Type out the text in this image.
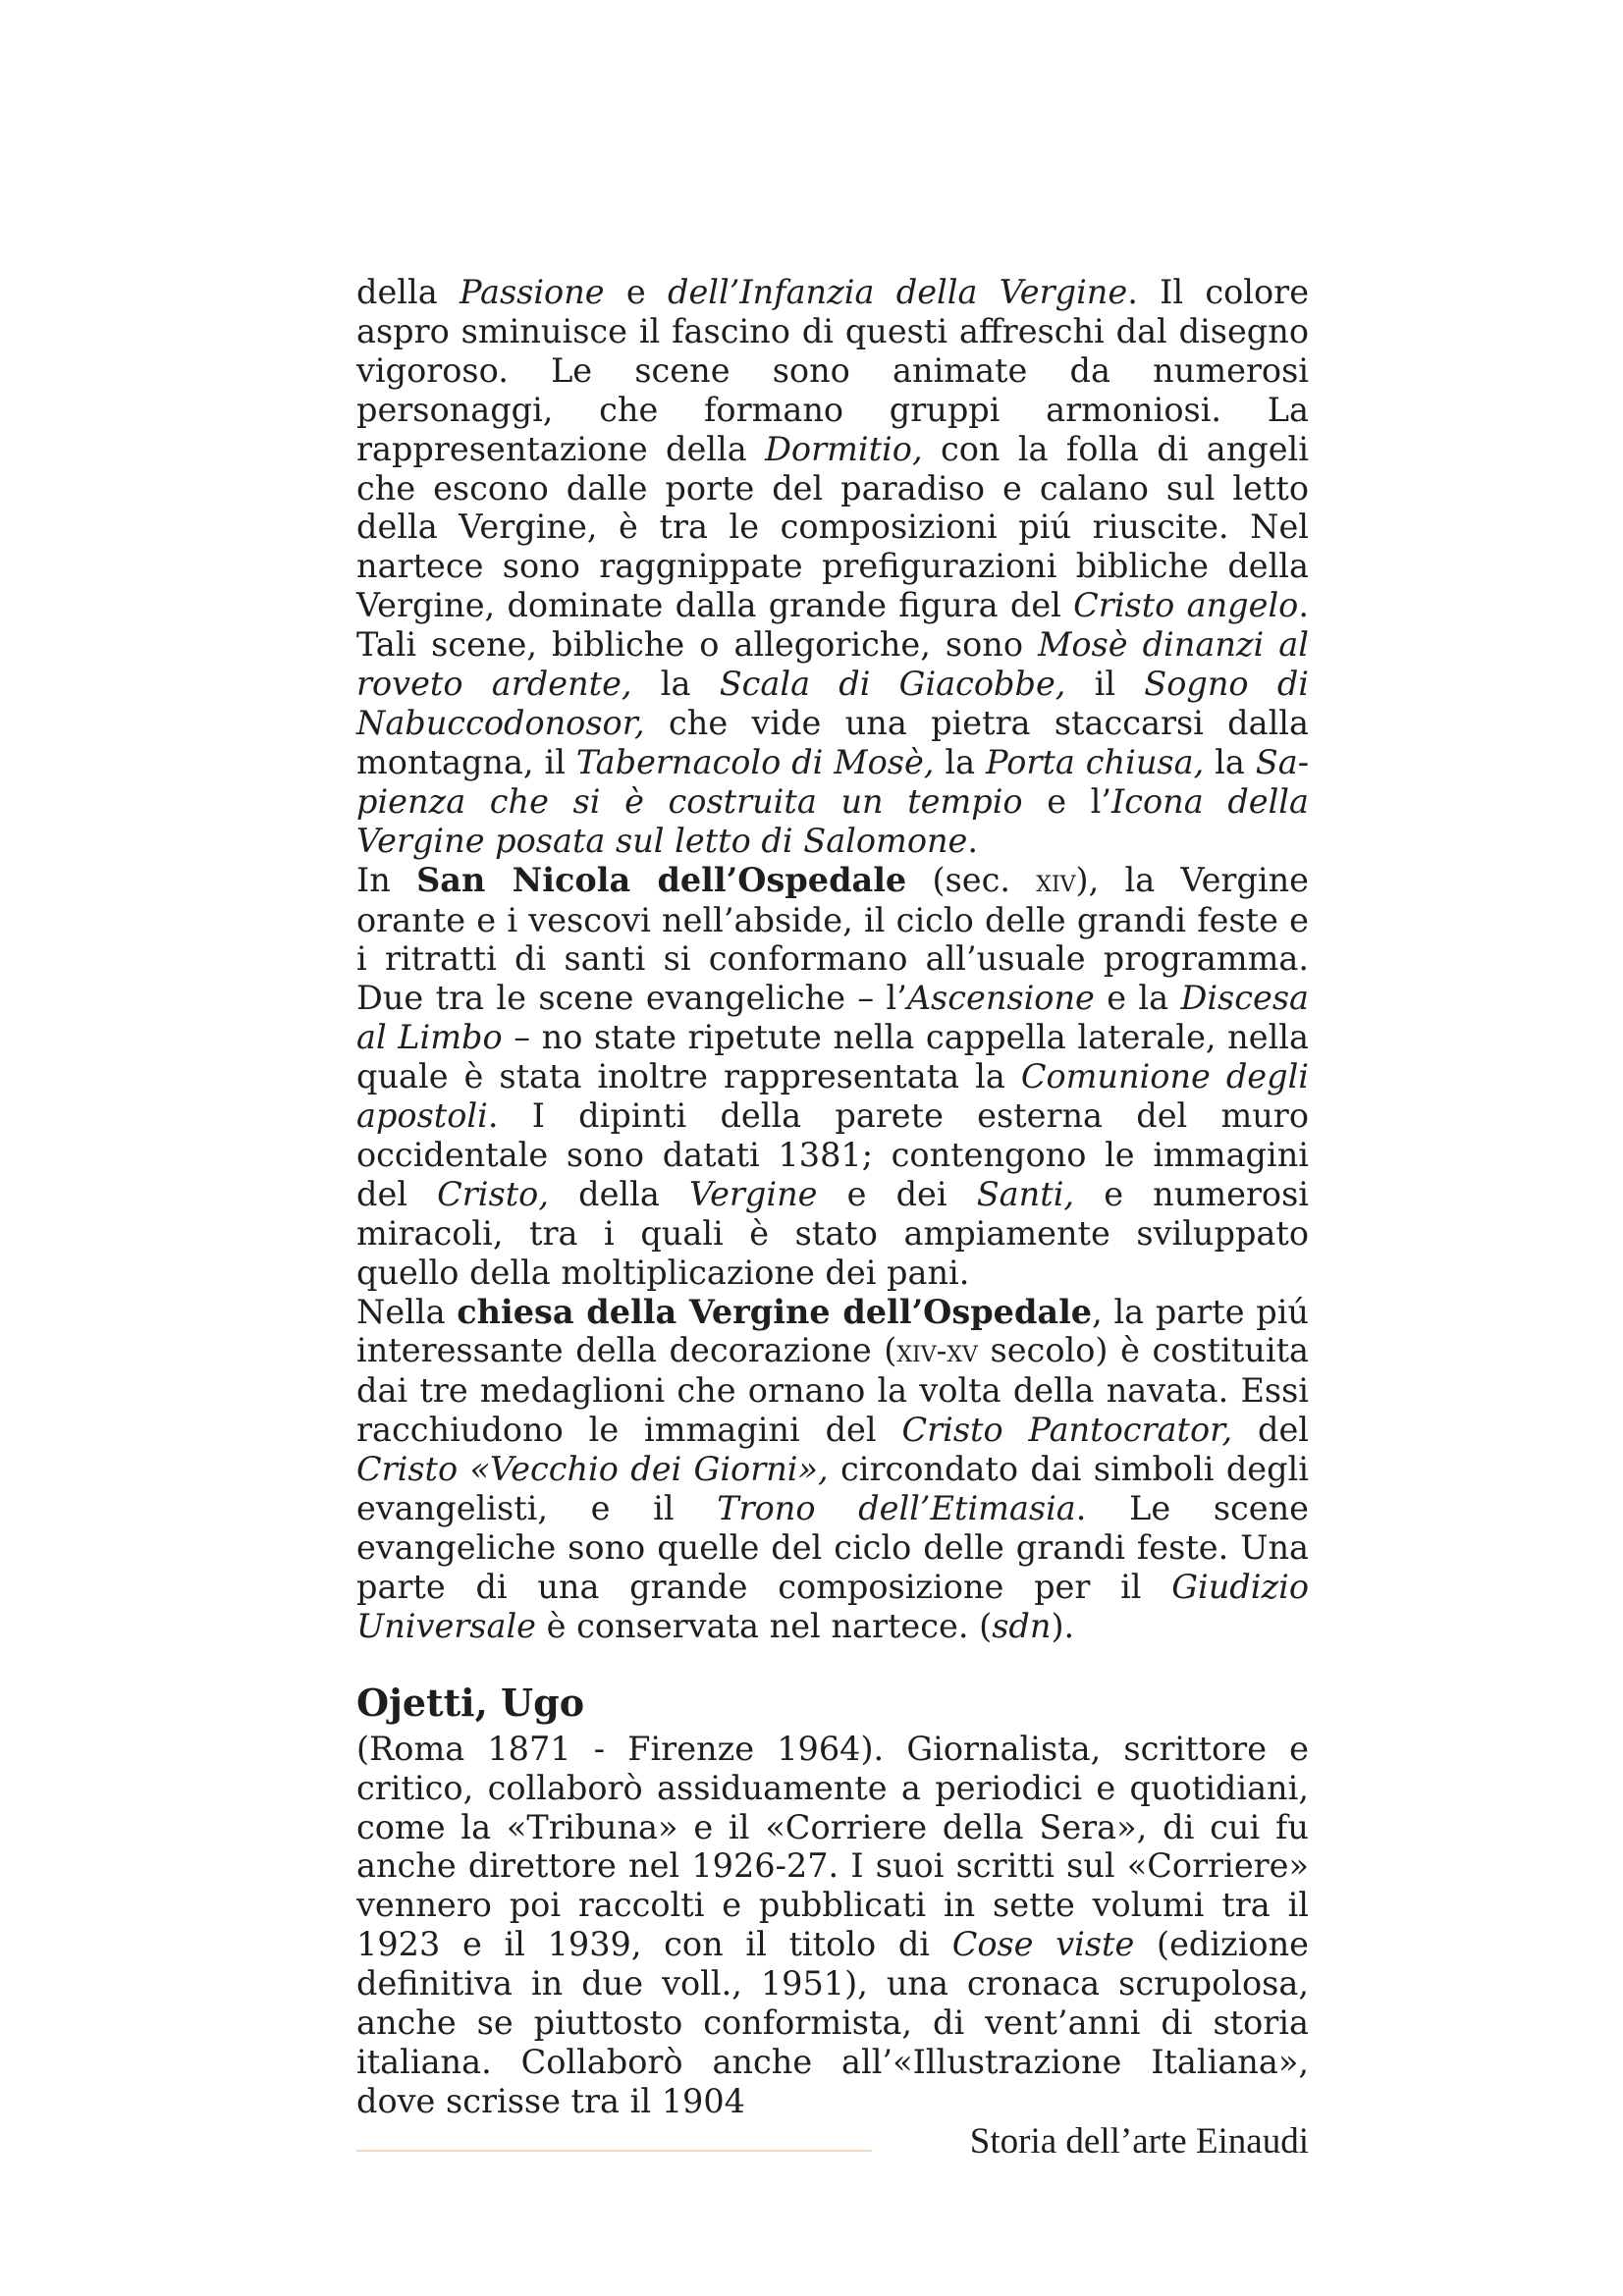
della Passione e dell’Infanzia della Vergine. Il colore aspro sminuisce il fascino di questi affreschi dal disegno vigoroso. Le scene sono animate da numerosi personaggi, che formano gruppi armoniosi. La rappresentazione della Dormitio, con la folla di angeli che escono dalle porte del paradiso e calano sul letto della Vergine, è tra le composizioni piú riuscite. Nel nartece sono raggnippate prefigurazioni bibliche della Vergine, dominate dalla grande figura del Cristo angelo. Tali scene, bibliche o allegoriche, sono Mosè dinanzi al roveto ardente, la Scala di Giacobbe, il Sogno di Nabuccodonosor, che vide una pietra staccarsi dalla montagna, il Tabernacolo di Mosè, la Porta chiusa, la Sapienza che si è costruita un tempio e l’Icona della Vergine posata sul letto di Salomone.

In San Nicola dell’Ospedale (sec. xiv), la Vergine orante e i vescovi nell’abside, il ciclo delle grandi feste e i ritratti di santi si conformano all’usuale programma. Due tra le scene evangeliche – l’Ascensione e la Discesa al Limbo – no state ripetute nella cappella laterale, nella quale è stata inoltre rappresentata la Comunione degli apostoli. I dipinti della parete esterna del muro occidentale sono datati 1381; contengono le immagini del Cristo, della Vergine e dei Santi, e numerosi miracoli, tra i quali è stato ampiamente sviluppato quello della moltiplicazione dei pani.

Nella chiesa della Vergine dell’Ospedale, la parte piú interessante della decorazione (xiv-xv secolo) è costituita dai tre medaglioni che ornano la volta della navata. Essi racchiudono le immagini del Cristo Pantocrator, del Cristo «Vecchio dei Giorni», circondato dai simboli degli evangelisti, e il Trono dell’Etimasia. Le scene evangeliche sono quelle del ciclo delle grandi feste. Una parte di una grande composizione per il Giudizio Universale è conservata nel nartece. (sdn).

Ojetti, Ugo

(Roma 1871 - Firenze 1964). Giornalista, scrittore e critico, collaborò assiduamente a periodici e quotidiani, come la «Tribuna» e il «Corriere della Sera», di cui fu anche direttore nel 1926-27. I suoi scritti sul «Corriere» vennero poi raccolti e pubblicati in sette volumi tra il 1923 e il 1939, con il titolo di Cose viste (edizione definitiva in due voll., 1951), una cronaca scrupolosa, anche se piuttosto conformista, di vent’anni di storia italiana. Collaborò anche all’«Illustrazione Italiana», dove scrisse tra il 1904

Storia dell’arte Einaudi
